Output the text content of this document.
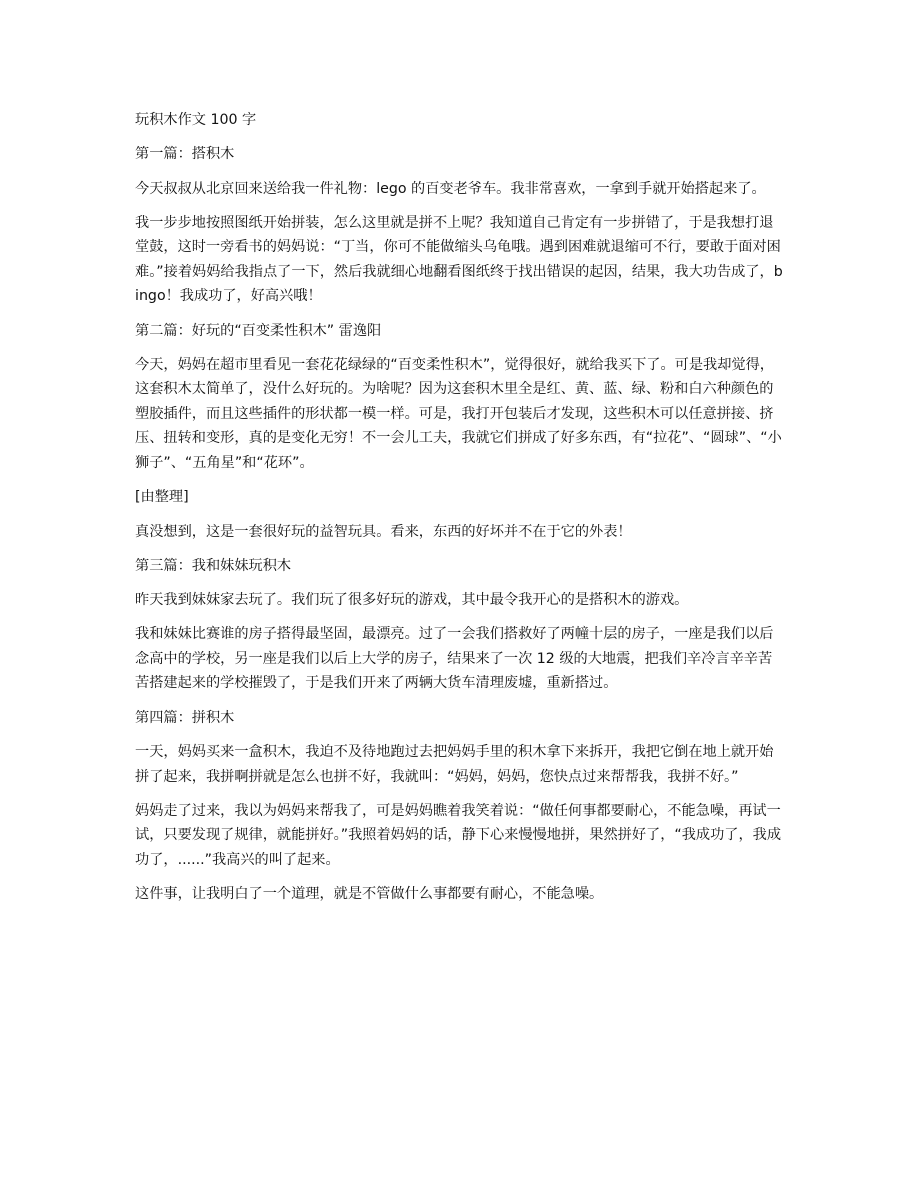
玩积木作文 100 字

第一篇：搭积木

今天叔叔从北京回来送给我一件礼物：lego 的百变老爷车。我非常喜欢，一拿到手就开始搭起来了。

我一步步地按照图纸开始拼装，怎么这里就是拼不上呢？我知道自己肯定有一步拼错了，于是我想打退堂鼓，这时一旁看书的妈妈说：“丁当，你可不能做缩头乌龟哦。遇到困难就退缩可不行，要敢于面对困难。”接着妈妈给我指点了一下，然后我就细心地翻看图纸终于找出错误的起因，结果，我大功告成了，bingo！我成功了，好高兴哦！

第二篇：好玩的“百变柔性积木” 雷逸阳

今天，妈妈在超市里看见一套花花绿绿的“百变柔性积木”，觉得很好，就给我买下了。可是我却觉得，这套积木太简单了，没什么好玩的。为啥呢？因为这套积木里全是红、黄、蓝、绿、粉和白六种颜色的塑胶插件，而且这些插件的形状都一模一样。可是，我打开包装后才发现，这些积木可以任意拼接、挤压、扭转和变形，真的是变化无穷！不一会儿工夫，我就它们拼成了好多东西，有“拉花”、“圆球”、“小狮子”、“五角星”和“花环”。

[由整理]

真没想到，这是一套很好玩的益智玩具。看来，东西的好坏并不在于它的外表！

第三篇：我和妹妹玩积木

昨天我到妹妹家去玩了。我们玩了很多好玩的游戏，其中最令我开心的是搭积木的游戏。

我和妹妹比赛谁的房子搭得最坚固，最漂亮。过了一会我们搭救好了两幢十层的房子，一座是我们以后念高中的学校，另一座是我们以后上大学的房子，结果来了一次 12 级的大地震，把我们辛冷言辛辛苦苦搭建起来的学校摧毁了，于是我们开来了两辆大货车清理废墟，重新搭过。

第四篇：拼积木

一天，妈妈买来一盒积木，我迫不及待地跑过去把妈妈手里的积木拿下来拆开，我把它倒在地上就开始拼了起来，我拼啊拼就是怎么也拼不好，我就叫：“妈妈，妈妈，您快点过来帮帮我，我拼不好。”

妈妈走了过来，我以为妈妈来帮我了，可是妈妈瞧着我笑着说：“做任何事都要耐心，不能急噪，再试一试，只要发现了规律，就能拼好。”我照着妈妈的话，静下心来慢慢地拼，果然拼好了，“我成功了，我成功了，......”我高兴的叫了起来。

这件事，让我明白了一个道理，就是不管做什么事都要有耐心，不能急噪。
